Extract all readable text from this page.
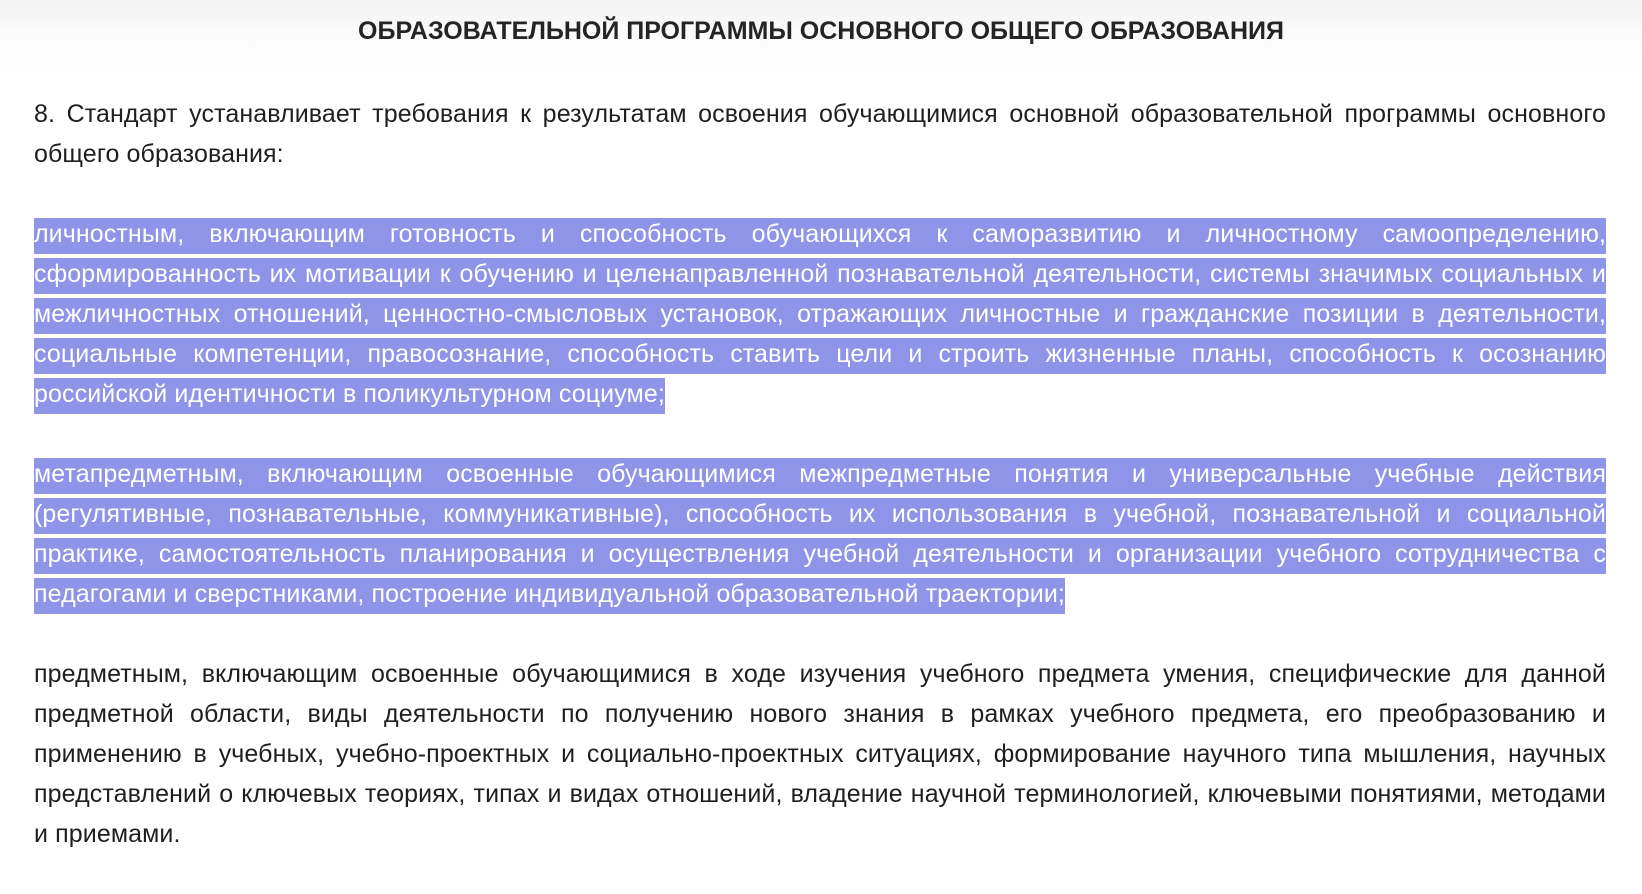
ОБРАЗОВАТЕЛЬНОЙ ПРОГРАММЫ ОСНОВНОГО ОБЩЕГО ОБРАЗОВАНИЯ

8. Стандарт устанавливает требования к результатам освоения обучающимися основной образовательной программы основного общего образования:

личностным, включающим готовность и способность обучающихся к саморазвитию и личностному самоопределению, сформированность их мотивации к обучению и целенаправленной познавательной деятельности, системы значимых социальных и межличностных отношений, ценностно-смысловых установок, отражающих личностные и гражданские позиции в деятельности, социальные компетенции, правосознание, способность ставить цели и строить жизненные планы, способность к осознанию российской идентичности в поликультурном социуме;

метапредметным, включающим освоенные обучающимися межпредметные понятия и универсальные учебные действия (регулятивные, познавательные, коммуникативные), способность их использования в учебной, познавательной и социальной практике, самостоятельность планирования и осуществления учебной деятельности и организации учебного сотрудничества с педагогами и сверстниками, построение индивидуальной образовательной траектории;

предметным, включающим освоенные обучающимися в ходе изучения учебного предмета умения, специфические для данной предметной области, виды деятельности по получению нового знания в рамках учебного предмета, его преобразованию и применению в учебных, учебно-проектных и социально-проектных ситуациях, формирование научного типа мышления, научных представлений о ключевых теориях, типах и видах отношений, владение научной терминологией, ключевыми понятиями, методами и приемами.
